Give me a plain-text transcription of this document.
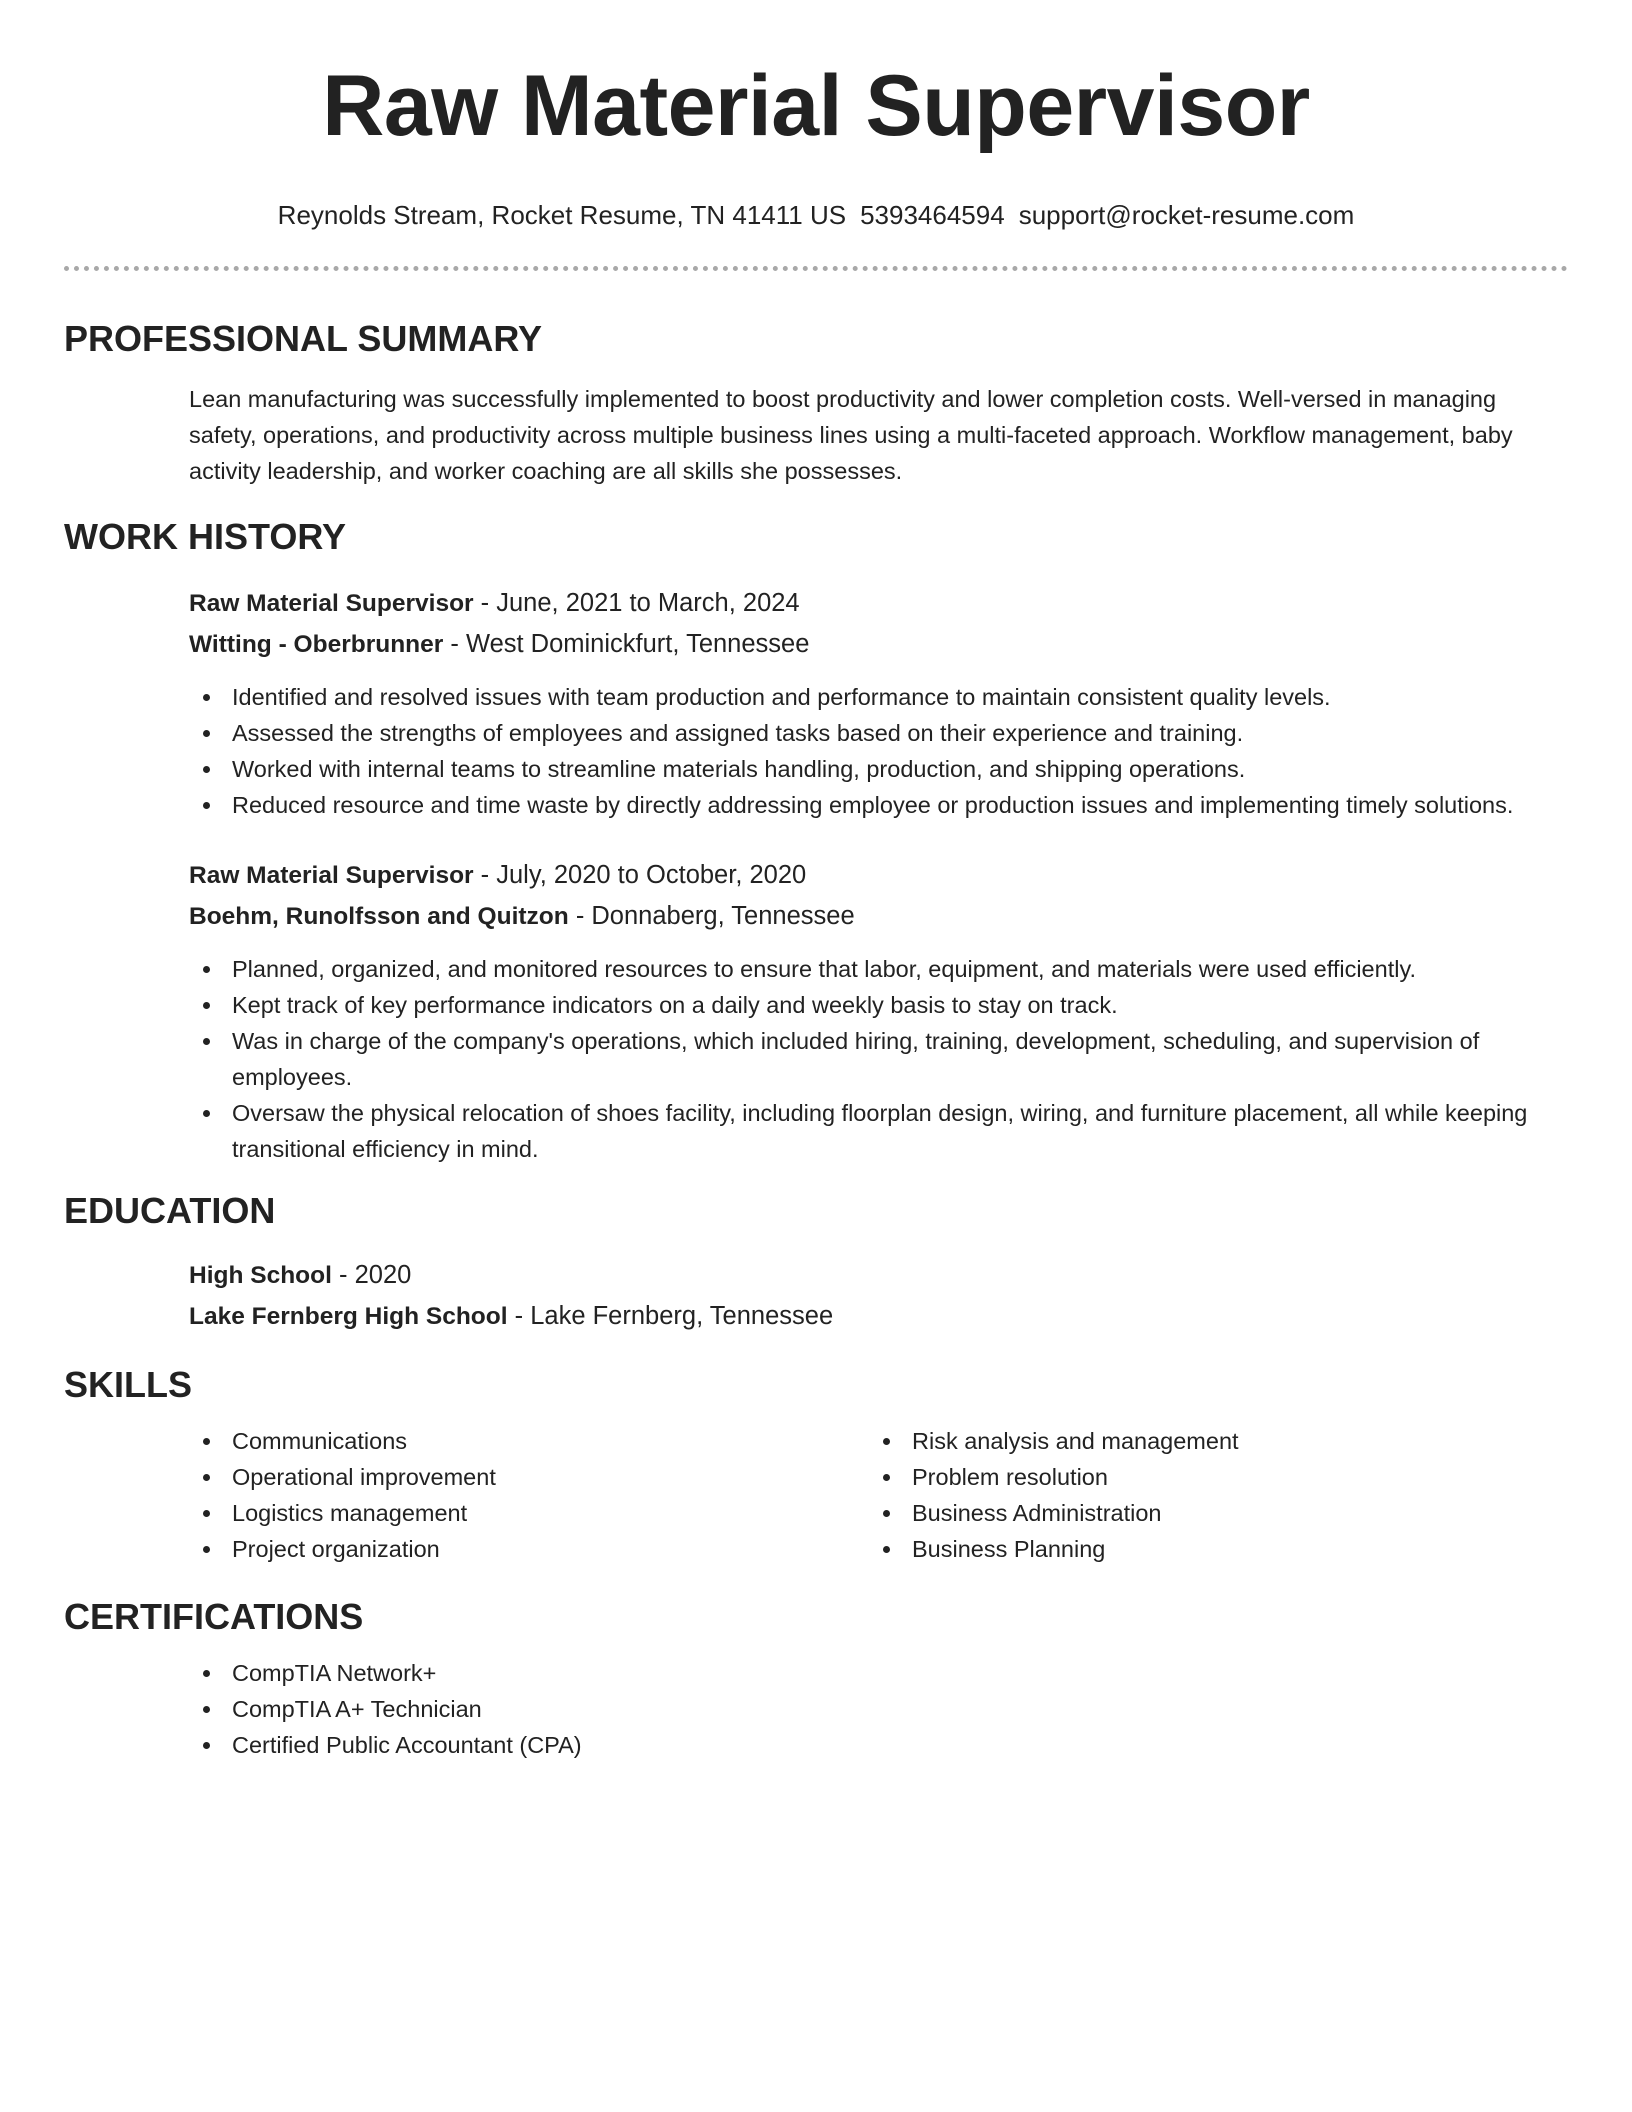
Raw Material Supervisor
Reynolds Stream, Rocket Resume, TN 41411 US 5393464594 support@rocket-resume.com
PROFESSIONAL SUMMARY

Lean manufacturing was successfully implemented to boost productivity and lower completion costs. Well-versed in managing safety, operations, and productivity across multiple business lines using a multi-faceted approach. Workflow management, baby activity leadership, and worker coaching are all skills she possesses.

WORK HISTORY
Raw Material Supervisor - June, 2021 to March, 2024
Witting - Oberbrunner - West Dominickfurt, Tennessee
Identified and resolved issues with team production and performance to maintain consistent quality levels.
Assessed the strengths of employees and assigned tasks based on their experience and training.
Worked with internal teams to streamline materials handling, production, and shipping operations.
Reduced resource and time waste by directly addressing employee or production issues and implementing timely solutions.
Raw Material Supervisor - July, 2020 to October, 2020
Boehm, Runolfsson and Quitzon - Donnaberg, Tennessee
Planned, organized, and monitored resources to ensure that labor, equipment, and materials were used efficiently.
Kept track of key performance indicators on a daily and weekly basis to stay on track.
Was in charge of the company's operations, which included hiring, training, development, scheduling, and supervision of employees.
Oversaw the physical relocation of shoes facility, including floorplan design, wiring, and furniture placement, all while keeping transitional efficiency in mind.
EDUCATION
High School - 2020
Lake Fernberg High School - Lake Fernberg, Tennessee
SKILLS
Communications
Operational improvement
Logistics management
Project organization
Risk analysis and management
Problem resolution
Business Administration
Business Planning
CERTIFICATIONS
CompTIA Network+
CompTIA A+ Technician
Certified Public Accountant (CPA)
